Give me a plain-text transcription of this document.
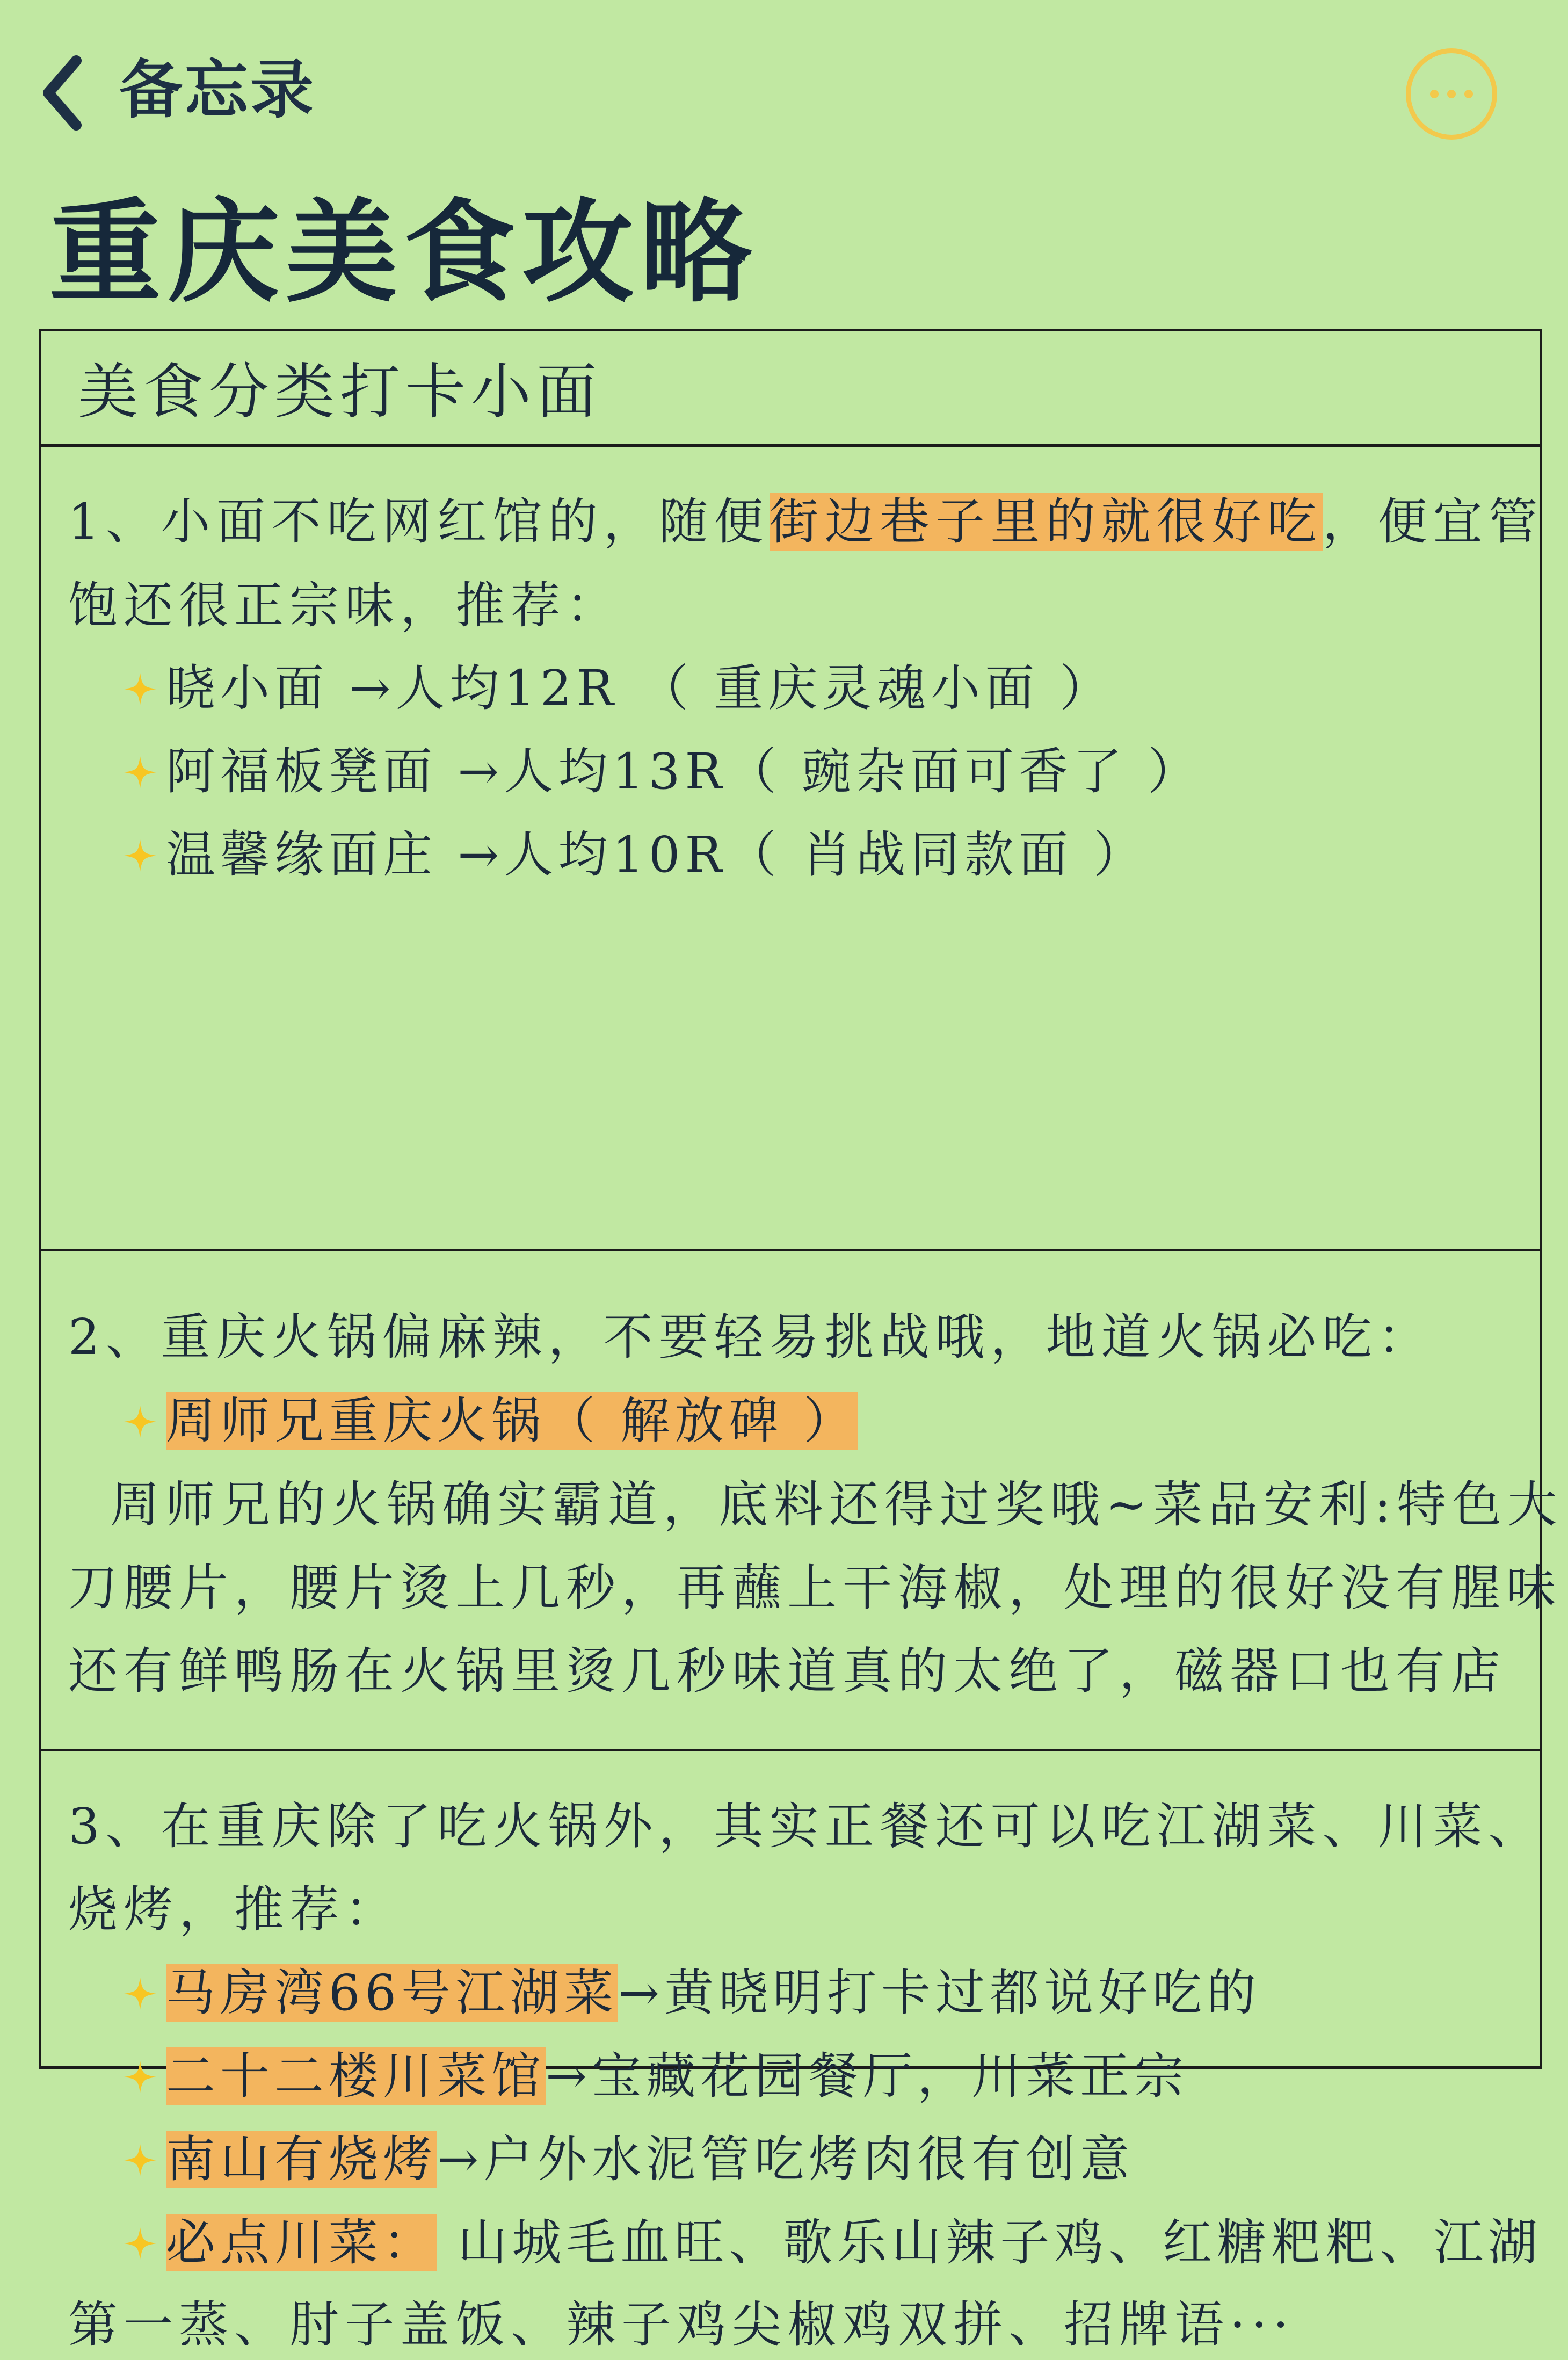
备忘录
重庆美食攻略
美食分类打卡小面
1、小面不吃网红馆的，随便街边巷子里的就很好吃，便宜管
饱还很正宗味，推荐：
晓小面 →人均12R （ 重庆灵魂小面 ）
阿福板凳面 →人均13R（ 豌杂面可香了 ）
温馨缘面庄 →人均10R（ 肖战同款面 ）
2、重庆火锅偏麻辣，不要轻易挑战哦，地道火锅必吃：
周师兄重庆火锅（ 解放碑 ）
周师兄的火锅确实霸道，底料还得过奖哦~菜品安利:特色大
刀腰片，腰片烫上几秒，再蘸上干海椒，处理的很好没有腥味
还有鲜鸭肠在火锅里烫几秒味道真的太绝了，磁器口也有店
3、在重庆除了吃火锅外，其实正餐还可以吃江湖菜、川菜、
烧烤，推荐：
马房湾66号江湖菜→黄晓明打卡过都说好吃的
二十二楼川菜馆→宝藏花园餐厅，川菜正宗
南山有烧烤→户外水泥管吃烤肉很有创意
必点川菜： 山城毛血旺、歌乐山辣子鸡、红糖粑粑、江湖
第一蒸、肘子盖饭、辣子鸡尖椒鸡双拼、招牌语···
